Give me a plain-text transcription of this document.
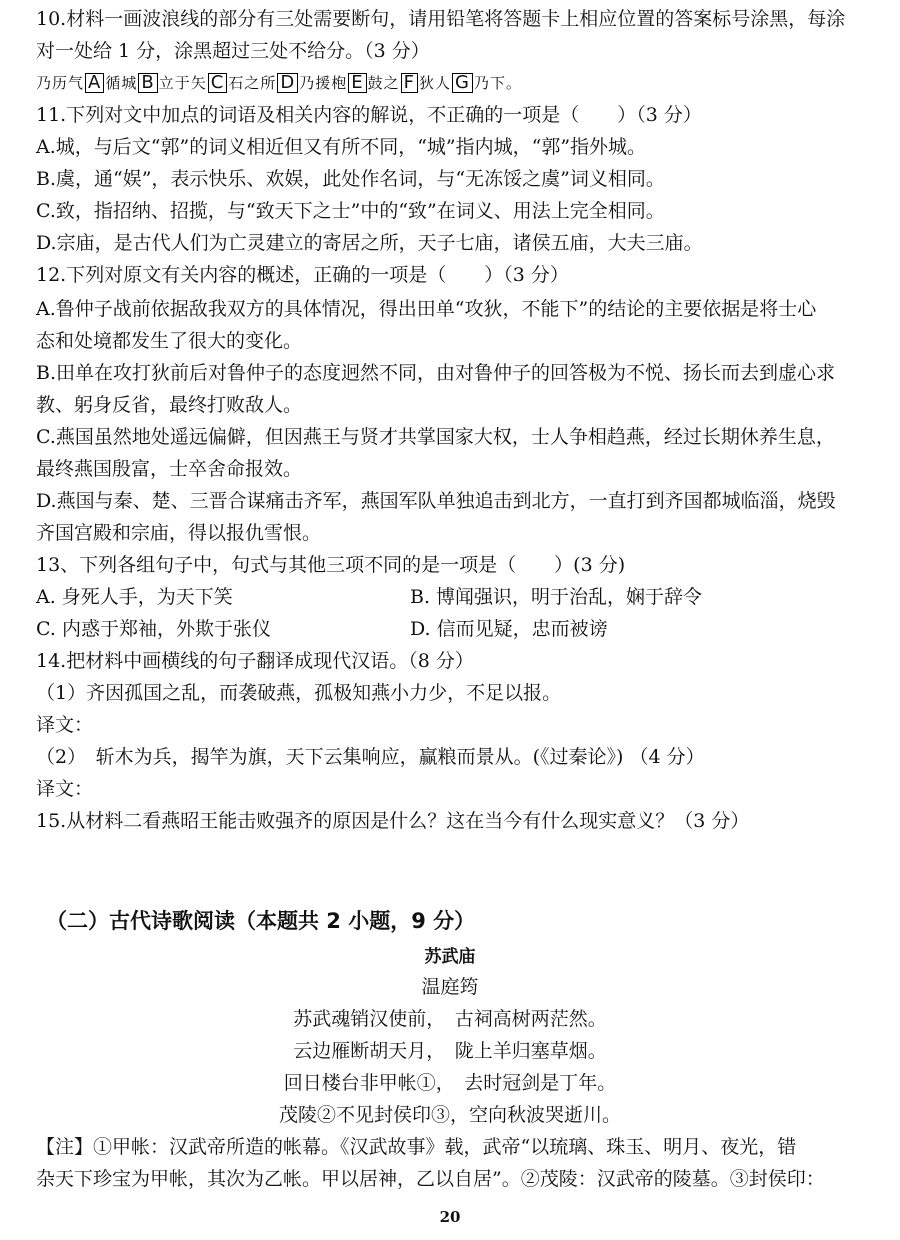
10.材料一画波浪线的部分有三处需要断句，请用铅笔将答题卡上相应位置的答案标号涂黑，每涂
对一处给 1 分，涂黑超过三处不给分。（3 分）
乃历气 A 循城 B 立于矢 C 石之所 D 乃援枹 E 鼓之 F 狄人 G 乃下。
11.下列对文中加点的词语及相关内容的解说，不正确的一项是（　　）（3 分）
A.城，与后文“郭”的词义相近但又有所不同，“城”指内城，“郭”指外城。
B.虞，通“娱”，表示快乐、欢娱，此处作名词，与“无冻馁之虞”词义相同。
C.致，指招纳、招揽，与“致天下之士”中的“致”在词义、用法上完全相同。
D.宗庙，是古代人们为亡灵建立的寄居之所，天子七庙，诸侯五庙，大夫三庙。
12.下列对原文有关内容的概述，正确的一项是（　　）（3 分）
A.鲁仲子战前依据敌我双方的具体情况，得出田单“攻狄，不能下”的结论的主要依据是将士心
态和处境都发生了很大的变化。
B.田单在攻打狄前后对鲁仲子的态度迥然不同，由对鲁仲子的回答极为不悦、扬长而去到虚心求
教、躬身反省，最终打败敌人。
C.燕国虽然地处遥远偏僻，但因燕王与贤才共掌国家大权，士人争相趋燕，经过长期休养生息，
最终燕国殷富，士卒舍命报效。
D.燕国与秦、楚、三晋合谋痛击齐军，燕国军队单独追击到北方，一直打到齐国都城临淄，烧毁
齐国宫殿和宗庙，得以报仇雪恨。
13、下列各组句子中，句式与其他三项不同的是一项是（　　）(3 分)
A. 身死人手，为天下笑	B. 博闻强识，明于治乱，娴于辞令
C. 内惑于郑袖，外欺于张仪	D. 信而见疑，忠而被谤
14.把材料中画横线的句子翻译成现代汉语。（8 分）
（1）齐因孤国之乱，而袭破燕，孤极知燕小力少，不足以报。
译文：
（2）　斩木为兵，揭竿为旗，天下云集响应，赢粮而景从。(《过秦论》) （4 分）
译文：
15.从材料二看燕昭王能击败强齐的原因是什么？这在当今有什么现实意义？（3 分）
（二）古代诗歌阅读（本题共 2 小题，9 分）
苏武庙
温庭筠
苏武魂销汉使前，　古祠高树两茫然。
云边雁断胡天月，　陇上羊归塞草烟。
回日楼台非甲帐①，　去时冠剑是丁年。
茂陵②不见封侯印③，空向秋波哭逝川。
【注】①甲帐：汉武帝所造的帐幕。《汉武故事》载，武帝“以琉璃、珠玉、明月、夜光，错
杂天下珍宝为甲帐，其次为乙帐。甲以居神，乙以自居”。②茂陵：汉武帝的陵墓。③封侯印：
20
